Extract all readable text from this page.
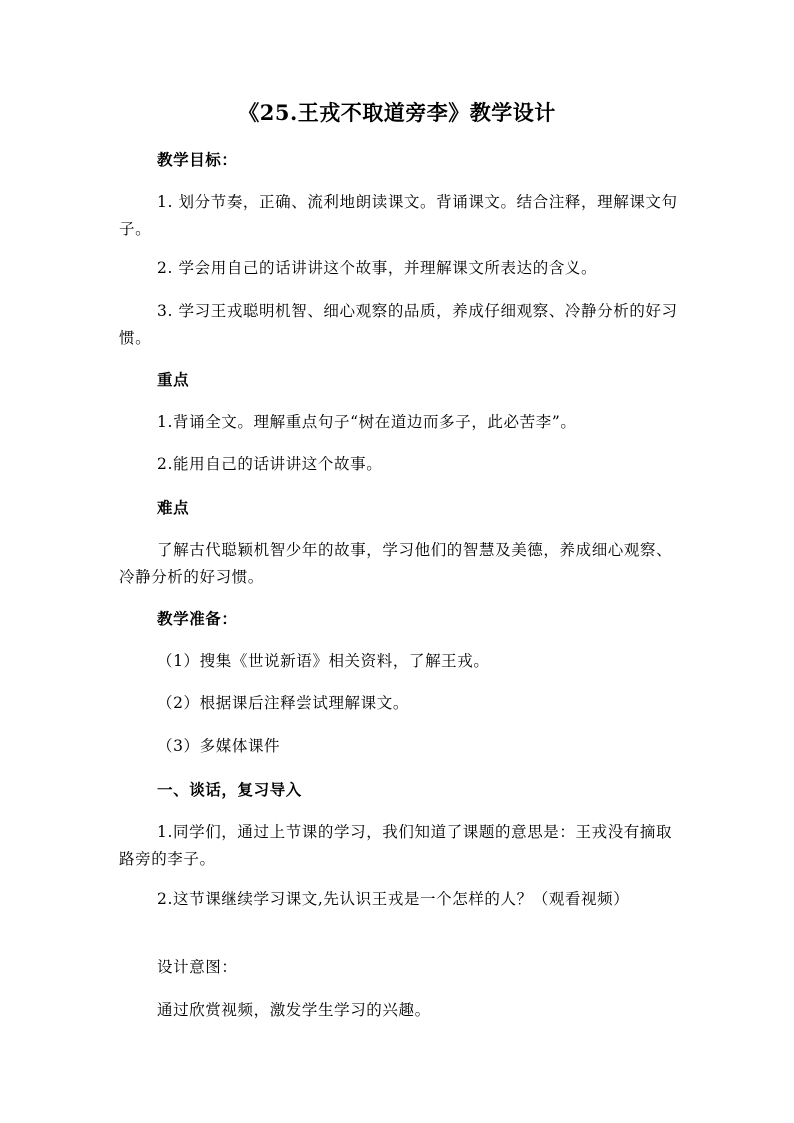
《25.王戎不取道旁李》教学设计
教学目标：
1. 划分节奏，正确、流利地朗读课文。背诵课文。结合注释，理解课文句子。
2. 学会用自己的话讲讲这个故事，并理解课文所表达的含义。
3. 学习王戎聪明机智、细心观察的品质，养成仔细观察、冷静分析的好习惯。
重点
1.背诵全文。理解重点句子“树在道边而多子，此必苦李”。
2.能用自己的话讲讲这个故事。
难点
了解古代聪颖机智少年的故事，学习他们的智慧及美德，养成细心观察、冷静分析的好习惯。
教学准备：
（1）搜集《世说新语》相关资料，了解王戎。
（2）根据课后注释尝试理解课文。
（3）多媒体课件
一、谈话，复习导入
1.同学们，通过上节课的学习，我们知道了课题的意思是：王戎没有摘取路旁的李子。
2.这节课继续学习课文,先认识王戎是一个怎样的人？（观看视频）
设计意图：
通过欣赏视频，激发学生学习的兴趣。
